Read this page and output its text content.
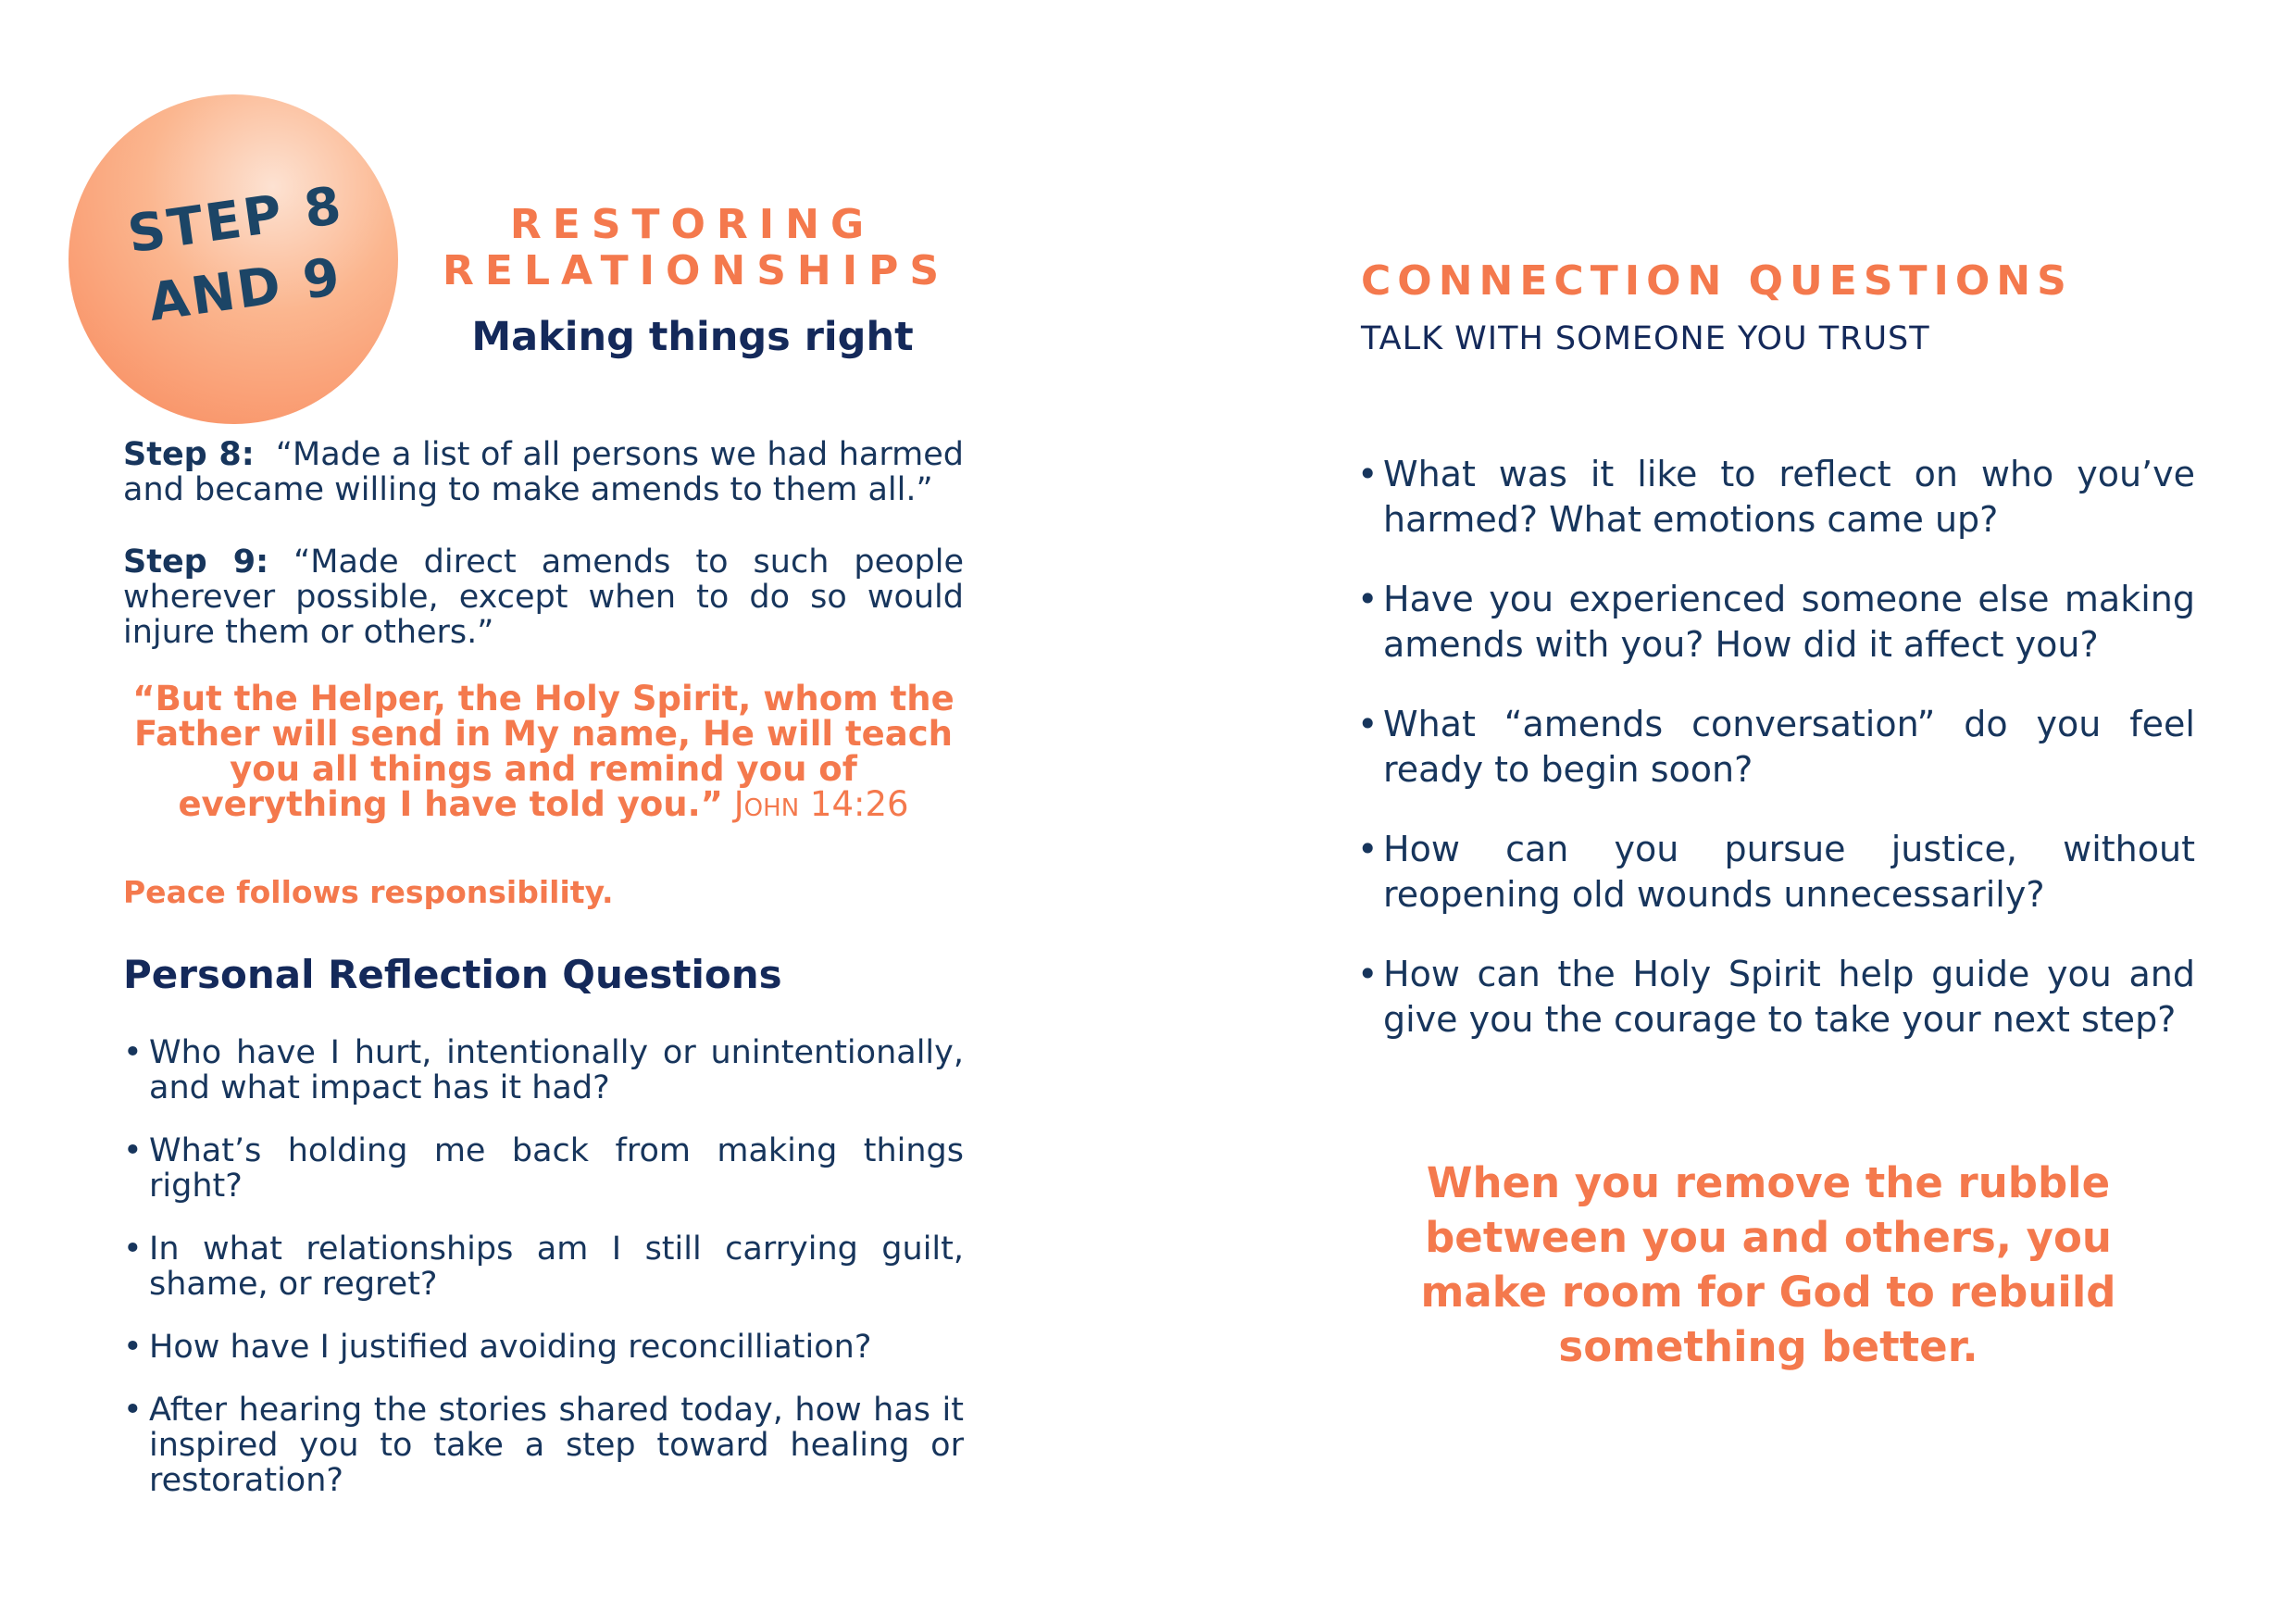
STEP 8
AND 9
RESTORING
RELATIONSHIPS
Making things right

Step 8: “Made a list of all persons we had harmed and became willing to make amends to them all.”

Step 9: “Made direct amends to such people wherever possible, except when to do so would injure them or others.”

“But the Helper, the Holy Spirit, whom the Father will send in My name, He will teach you all things and remind you of everything I have told you.” John 14:26
Peace follows responsibility.
Personal Reflection Questions
• Who have I hurt, intentionally or unintentionally, and what impact has it had?
• What’s holding me back from making things right?
• In what relationships am I still carrying guilt, shame, or regret?
• How have I justified avoiding reconcilliation?
• After hearing the stories shared today, how has it inspired you to take a step toward healing or restoration?
CONNECTION QUESTIONS
TALK WITH SOMEONE YOU TRUST
• What was it like to reflect on who you’ve harmed? What emotions came up?
• Have you experienced someone else making amends with you? How did it affect you?
• What “amends conversation” do you feel ready to begin soon?
• How can you pursue justice, without reopening old wounds unnecessarily?
• How can the Holy Spirit help guide you and give you the courage to take your next step?
When you remove the rubble between you and others, you make room for God to rebuild something better.
